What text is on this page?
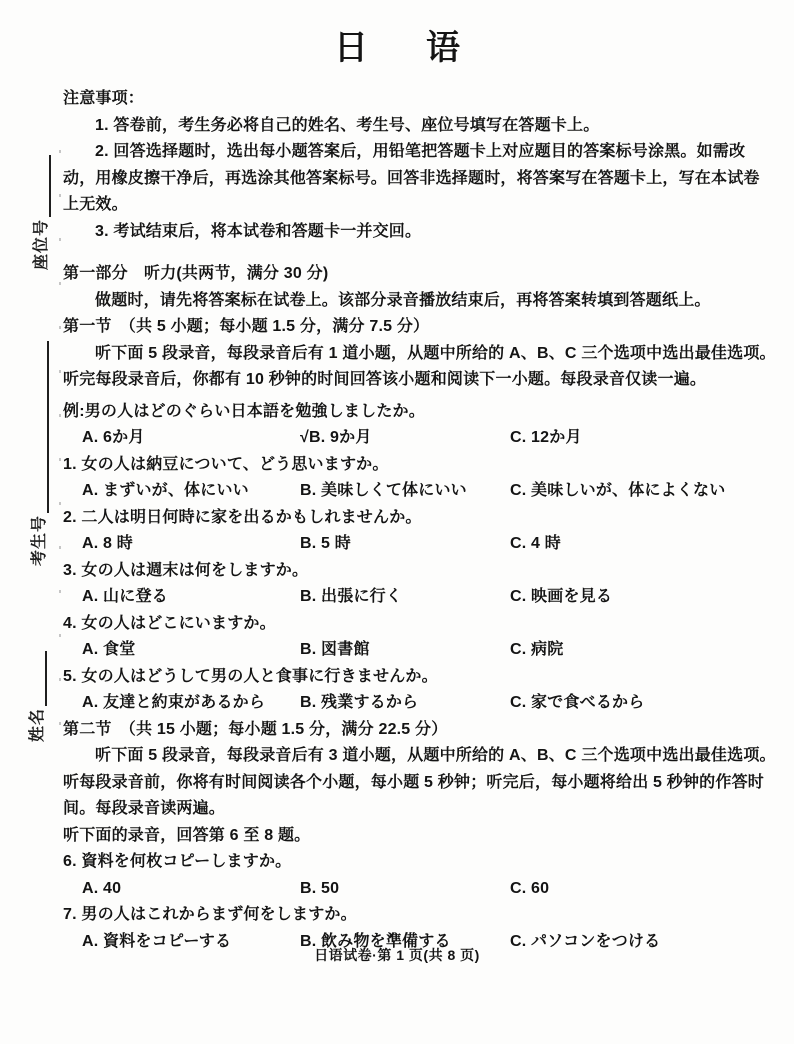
日 语
座位号
考生号
姓名
注意事项：
1. 答卷前，考生务必将自己的姓名、考生号、座位号填写在答题卡上。
2. 回答选择题时，选出每小题答案后，用铅笔把答题卡上对应题目的答案标号涂黑。如需改
动，用橡皮擦干净后，再选涂其他答案标号。回答非选择题时，将答案写在答题卡上，写在本试卷
上无效。
3. 考试结束后，将本试卷和答题卡一并交回。
第一部分　听力(共两节，满分 30 分)
做题时，请先将答案标在试卷上。该部分录音播放结束后，再将答案转填到答题纸上。
第一节　（共 5 小题；每小题 1.5 分，满分 7.5 分）
听下面 5 段录音，每段录音后有 1 道小题，从题中所给的 A、B、C 三个选项中选出最佳选项。
听完每段录音后，你都有 10 秒钟的时间回答该小题和阅读下一小题。每段录音仅读一遍。
例:男の人はどのぐらい日本語を勉強しましたか。
A. 6か月	√B. 9か月	C. 12か月
1. 女の人は納豆について、どう思いますか。
A. まずいが、体にいい	B. 美味しくて体にいい	C. 美味しいが、体によくない
2. 二人は明日何時に家を出るかもしれませんか。
A. 8 時	B. 5 時	C. 4 時
3. 女の人は週末は何をしますか。
A. 山に登る	B. 出張に行く	C. 映画を見る
4. 女の人はどこにいますか。
A. 食堂	B. 図書館	C. 病院
5. 女の人はどうして男の人と食事に行きませんか。
A. 友達と約束があるから B. 残業するから	C. 家で食べるから
第二节　（共 15 小题；每小题 1.5 分，满分 22.5 分）
听下面 5 段录音，每段录音后有 3 道小题，从题中所给的 A、B、C 三个选项中选出最佳选项。
听每段录音前，你将有时间阅读各个小题，每小题 5 秒钟；听完后，每小题将给出 5 秒钟的作答时
间。每段录音读两遍。
听下面的录音，回答第 6 至 8 题。
6. 資料を何枚コピーしますか。
A. 40	B. 50	C. 60
7. 男の人はこれからまず何をしますか。
A. 資料をコピーする	B. 飲み物を準備する	C. パソコンをつける
日语试卷·第 1 页(共 8 页)
